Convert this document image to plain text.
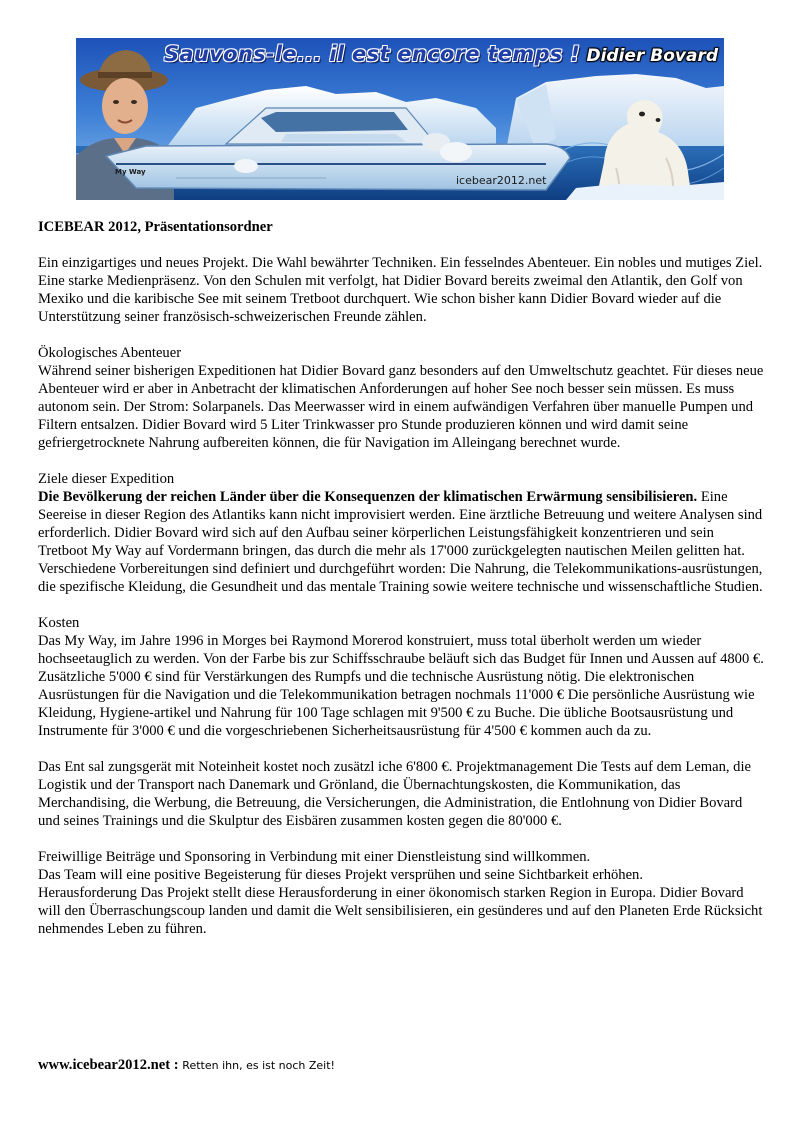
Sauvons-le... il est encore temps ! Didier Bovard
icebear2012.net
My Way

ICEBEAR 2012, Präsentationsordner

Ein einzigartiges und neues Projekt. Die Wahl bewährter Techniken. Ein fesselndes Abenteuer. Ein nobles und mutiges Ziel. Eine starke Medienpräsenz. Von den Schulen mit verfolgt, hat Didier Bovard bereits zweimal den Atlantik, den Golf von Mexiko und die karibische See mit seinem Tretboot durchquert. Wie schon bisher kann Didier Bovard wieder auf die Unterstützung seiner französisch-schweizerischen Freunde zählen.

Ökologisches Abenteuer

Während seiner bisherigen Expeditionen hat Didier Bovard ganz besonders auf den Umweltschutz geachtet. Für dieses neue Abenteuer wird er aber in Anbetracht der klimatischen Anforderungen auf hoher See noch besser sein müssen. Es muss autonom sein. Der Strom: Solarpanels. Das Meerwasser wird in einem aufwändigen Verfahren über manuelle Pumpen und Filtern entsalzen. Didier Bovard wird 5 Liter Trinkwasser pro Stunde produzieren können und wird damit seine gefriergetrocknete Nahrung aufbereiten können, die für Navigation im Alleingang berechnet wurde.

Ziele dieser Expedition

Die Bevölkerung der reichen Länder über die Konsequenzen der klimatischen Erwärmung sensibilisieren. Eine Seereise in dieser Region des Atlantiks kann nicht improvisiert werden. Eine ärztliche Betreuung und weitere Analysen sind erforderlich. Didier Bovard wird sich auf den Aufbau seiner körperlichen Leistungsfähigkeit konzentrieren und sein Tretboot My Way auf Vordermann bringen, das durch die mehr als 17'000 zurückgelegten nautischen Meilen gelitten hat. Verschiedene Vorbereitungen sind definiert und durchgeführt worden: Die Nahrung, die Telekommunikations-ausrüstungen, die spezifische Kleidung, die Gesundheit und das mentale Training sowie weitere technische und wissenschaftliche Studien.

Kosten

Das My Way, im Jahre 1996 in Morges bei Raymond Morerod konstruiert, muss total überholt werden um wieder hochseetauglich zu werden. Von der Farbe bis zur Schiffsschraube beläuft sich das Budget für Innen und Aussen auf 4800 €. Zusätzliche 5'000 € sind für Verstärkungen des Rumpfs und die technische Ausrüstung nötig. Die elektronischen Ausrüstungen für die Navigation und die Telekommunikation betragen nochmals 11'000 € Die persönliche Ausrüstung wie Kleidung, Hygiene-artikel und Nahrung für 100 Tage schlagen mit 9'500 € zu Buche. Die übliche Bootsausrüstung und Instrumente für 3'000 € und die vorgeschriebenen Sicherheitsausrüstung für 4'500 € kommen auch da zu.

Das Ent sal zungsgerät mit Noteinheit kostet noch zusätzl iche 6'800 €. Projektmanagement Die Tests auf dem Leman, die Logistik und der Transport nach Danemark und Grönland, die Übernachtungskosten, die Kommunikation, das Merchandising, die Werbung, die Betreuung, die Versicherungen, die Administration, die Entlohnung von Didier Bovard und seines Trainings und die Skulptur des Eisbären zusammen kosten gegen die 80'000 €.

Freiwillige Beiträge und Sponsoring in Verbindung mit einer Dienstleistung sind willkommen.

Das Team will eine positive Begeisterung für dieses Projekt versprühen und seine Sichtbarkeit erhöhen.

Herausforderung Das Projekt stellt diese Herausforderung in einer ökonomisch starken Region in Europa. Didier Bovard will den Überraschungscoup landen und damit die Welt sensibilisieren, ein gesünderes und auf den Planeten Erde Rücksicht nehmendes Leben zu führen.

www.icebear2012.net : Retten ihn, es ist noch Zeit!
